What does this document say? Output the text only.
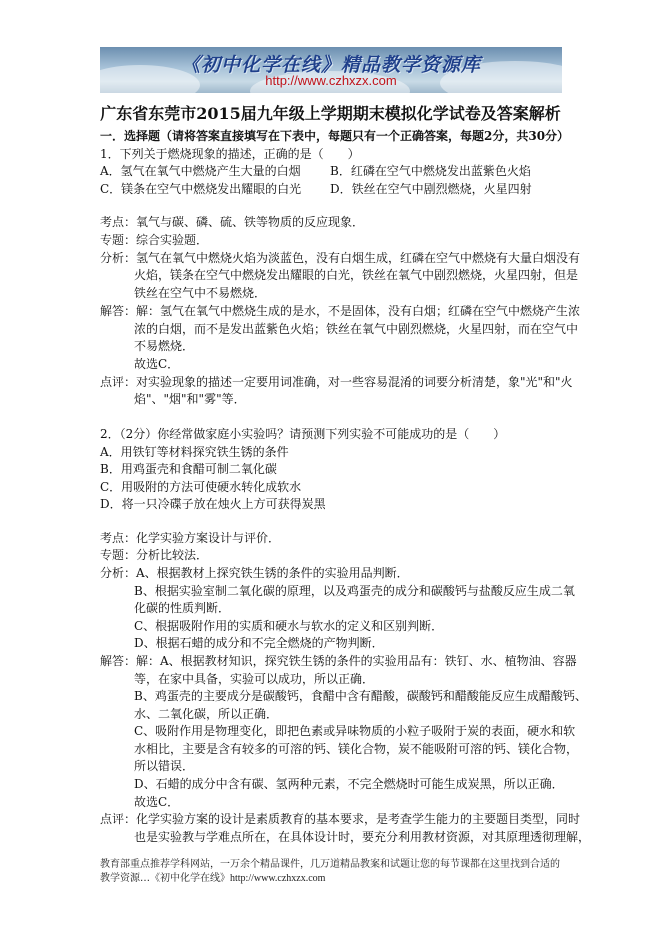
《初中化学在线》精品教学资源库
http://www.czhxzx.com
广东省东莞市2015届九年级上学期期末模拟化学试卷及答案解析
一．选择题（请将答案直接填写在下表中，每题只有一个正确答案，每题2分，共30分）
1．下列关于燃烧现象的描述，正确的是（　　）
A．氢气在氧气中燃烧产生大量的白烟 B．红磷在空气中燃烧发出蓝紫色火焰
C．镁条在空气中燃烧发出耀眼的白光 D．铁丝在空气中剧烈燃烧，火星四射
考点：氧气与碳、磷、硫、铁等物质的反应现象．
专题：综合实验题．
分析：氢气在氧气中燃烧火焰为淡蓝色，没有白烟生成，红磷在空气中燃烧有大量白烟没有
火焰，镁条在空气中燃烧发出耀眼的白光，铁丝在氧气中剧烈燃烧，火星四射，但是
铁丝在空气中不易燃烧．
解答：解：氢气在氧气中燃烧生成的是水，不是固体，没有白烟；红磷在空气中燃烧产生浓
浓的白烟，而不是发出蓝紫色火焰；铁丝在氧气中剧烈燃烧，火星四射，而在空气中
不易燃烧．
故选C．
点评：对实验现象的描述一定要用词准确，对一些容易混淆的词要分析清楚，象"光"和"火
焰"、"烟"和"雾"等．
2．（2分）你经常做家庭小实验吗？请预测下列实验不可能成功的是（　　）
A．用铁钉等材料探究铁生锈的条件
B．用鸡蛋壳和食醋可制二氧化碳
C．用吸附的方法可使硬水转化成软水
D．将一只冷碟子放在烛火上方可获得炭黑
考点：化学实验方案设计与评价．
专题：分析比较法．
分析：A、根据教材上探究铁生锈的条件的实验用品判断．
B、根据实验室制二氧化碳的原理，以及鸡蛋壳的成分和碳酸钙与盐酸反应生成二氧
化碳的性质判断．
C、根据吸附作用的实质和硬水与软水的定义和区别判断．
D、根据石蜡的成分和不完全燃烧的产物判断．
解答：解：A、根据教材知识，探究铁生锈的条件的实验用品有：铁钉、水、植物油、容器
等，在家中具备，实验可以成功，所以正确．
B、鸡蛋壳的主要成分是碳酸钙，食醋中含有醋酸，碳酸钙和醋酸能反应生成醋酸钙、
水、二氧化碳，所以正确．
C、吸附作用是物理变化，即把色素或异味物质的小粒子吸附于炭的表面，硬水和软
水相比，主要是含有较多的可溶的钙、镁化合物，炭不能吸附可溶的钙、镁化合物，
所以错误．
D、石蜡的成分中含有碳、氢两种元素，不完全燃烧时可能生成炭黑，所以正确．
故选C．
点评：化学实验方案的设计是素质教育的基本要求，是考查学生能力的主要题目类型，同时
也是实验教与学难点所在，在具体设计时，要充分利用教材资源，对其原理透彻理解，
教育部重点推荐学科网站，一万余个精品课件，几万道精品教案和试题让您的每节课都在这里找到合适的
教学资源…《初中化学在线》http://www.czhxzx.com
